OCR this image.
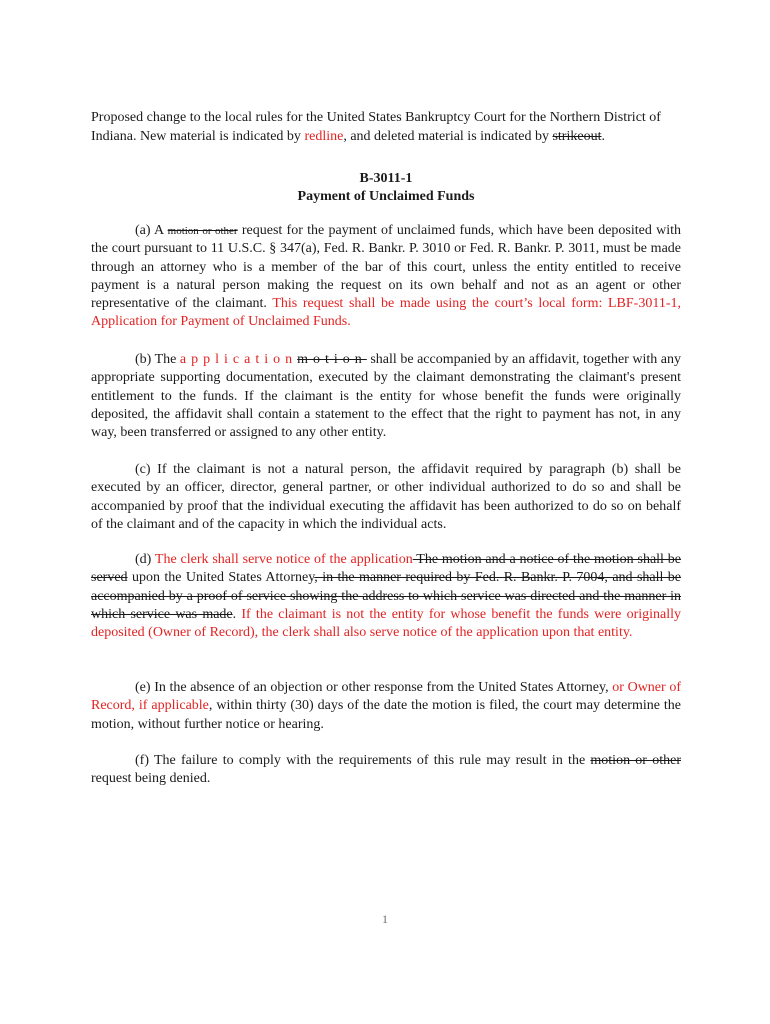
Proposed change to the local rules for the United States Bankruptcy Court for the Northern District of Indiana. New material is indicated by redline, and deleted material is indicated by strikeout.
B-3011-1
Payment of Unclaimed Funds
(a) A motion or other request for the payment of unclaimed funds, which have been deposited with the court pursuant to 11 U.S.C. § 347(a), Fed. R. Bankr. P. 3010 or Fed. R. Bankr. P. 3011, must be made through an attorney who is a member of the bar of this court, unless the entity entitled to receive payment is a natural person making the request on its own behalf and not as an agent or other representative of the claimant. This request shall be made using the court’s local form: LBF-3011-1, Application for Payment of Unclaimed Funds.
(b) The applicationmotion shall be accompanied by an affidavit, together with any appropriate supporting documentation, executed by the claimant demonstrating the claimant's present entitlement to the funds. If the claimant is the entity for whose benefit the funds were originally deposited, the affidavit shall contain a statement to the effect that the right to payment has not, in any way, been transferred or assigned to any other entity.
(c) If the claimant is not a natural person, the affidavit required by paragraph (b) shall be executed by an officer, director, general partner, or other individual authorized to do so and shall be accompanied by proof that the individual executing the affidavit has been authorized to do so on behalf of the claimant and of the capacity in which the individual acts.
(d) The clerk shall serve notice of the application The motion and a notice of the motion shall be served upon the United States Attorney, in the manner required by Fed. R. Bankr. P. 7004, and shall be accompanied by a proof of service showing the address to which service was directed and the manner in which service was made. If the claimant is not the entity for whose benefit the funds were originally deposited (Owner of Record), the clerk shall also serve notice of the application upon that entity.
(e) In the absence of an objection or other response from the United States Attorney, or Owner of Record, if applicable, within thirty (30) days of the date the motion is filed, the court may determine the motion, without further notice or hearing.
(f) The failure to comply with the requirements of this rule may result in the motion or other request being denied.
1
